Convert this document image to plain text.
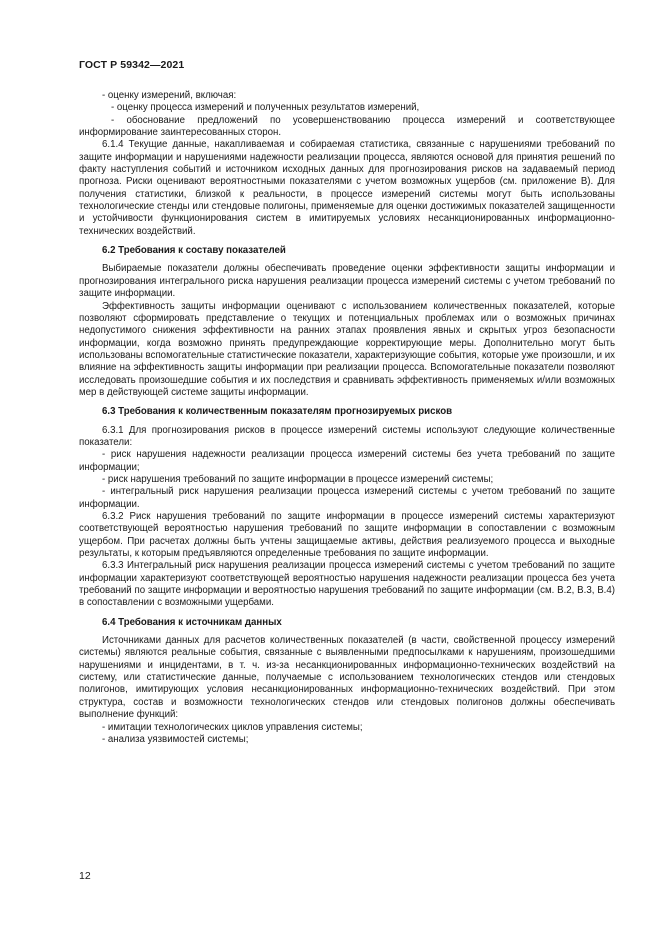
ГОСТ Р 59342—2021

- оценку измерений, включая:

- оценку процесса измерений и полученных результатов измерений,

- обоснование предложений по усовершенствованию процесса измерений и соответствующее информирование заинтересованных сторон.

6.1.4 Текущие данные, накапливаемая и собираемая статистика, связанные с нарушениями требований по защите информации и нарушениями надежности реализации процесса, являются основой для принятия решений по факту наступления событий и источником исходных данных для прогнозирования рисков на задаваемый период прогноза. Риски оценивают вероятностными показателями с учетом возможных ущербов (см. приложение В). Для получения статистики, близкой к реальности, в процессе измерений системы могут быть использованы технологические стенды или стендовые полигоны, применяемые для оценки достижимых показателей защищенности и устойчивости функционирования систем в имитируемых условиях несанкционированных информационно-технических воздействий.

6.2 Требования к составу показателей

Выбираемые показатели должны обеспечивать проведение оценки эффективности защиты информации и прогнозирования интегрального риска нарушения реализации процесса измерений системы с учетом требований по защите информации.

Эффективность защиты информации оценивают с использованием количественных показателей, которые позволяют сформировать представление о текущих и потенциальных проблемах или о возможных причинах недопустимого снижения эффективности на ранних этапах проявления явных и скрытых угроз безопасности информации, когда возможно принять предупреждающие корректирующие меры. Дополнительно могут быть использованы вспомогательные статистические показатели, характеризующие события, которые уже произошли, и их влияние на эффективность защиты информации при реализации процесса. Вспомогательные показатели позволяют исследовать произошедшие события и их последствия и сравнивать эффективность применяемых и/или возможных мер в действующей системе защиты информации.

6.3 Требования к количественным показателям прогнозируемых рисков

6.3.1 Для прогнозирования рисков в процессе измерений системы используют следующие количественные показатели:

- риск нарушения надежности реализации процесса измерений системы без учета требований по защите информации;

- риск нарушения требований по защите информации в процессе измерений системы;

- интегральный риск нарушения реализации процесса измерений системы с учетом требований по защите информации.

6.3.2 Риск нарушения требований по защите информации в процессе измерений системы характеризуют соответствующей вероятностью нарушения требований по защите информации в сопоставлении с возможным ущербом. При расчетах должны быть учтены защищаемые активы, действия реализуемого процесса и выходные результаты, к которым предъявляются определенные требования по защите информации.

6.3.3 Интегральный риск нарушения реализации процесса измерений системы с учетом требований по защите информации характеризуют соответствующей вероятностью нарушения надежности реализации процесса без учета требований по защите информации и вероятностью нарушения требований по защите информации (см. В.2, В.3, В.4) в сопоставлении с возможными ущербами.

6.4 Требования к источникам данных

Источниками данных для расчетов количественных показателей (в части, свойственной процессу измерений системы) являются реальные события, связанные с выявленными предпосылками к нарушениям, произошедшими нарушениями и инцидентами, в т. ч. из-за несанкционированных информационно-технических воздействий на систему, или статистические данные, получаемые с использованием технологических стендов или стендовых полигонов, имитирующих условия несанкционированных информационно-технических воздействий. При этом структура, состав и возможности технологических стендов или стендовых полигонов должны обеспечивать выполнение функций:

- имитации технологических циклов управления системы;

- анализа уязвимостей системы;

12
